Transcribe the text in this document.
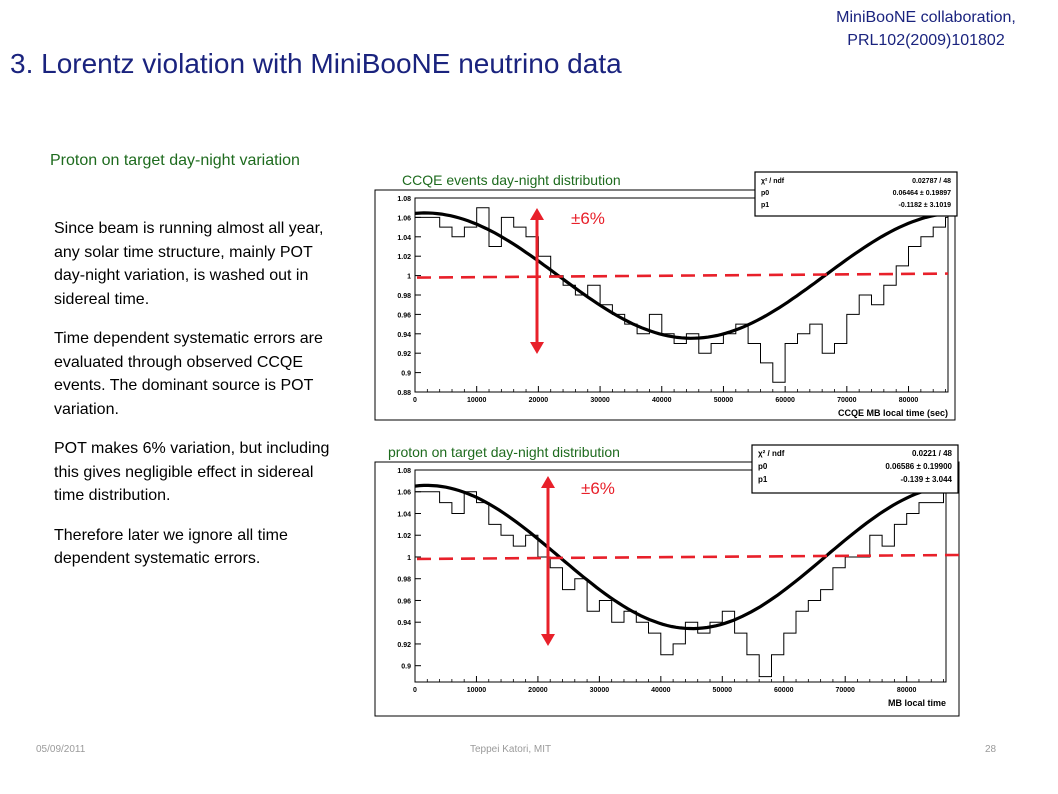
MiniBooNE collaboration,
PRL102(2009)101802
3. Lorentz violation with MiniBooNE neutrino data
Proton on target day-night variation

Since beam is running almost all year, any solar time structure, mainly POT day-night variation, is washed out in sidereal time.

Time dependent systematic errors are evaluated through observed CCQE events. The dominant source is POT variation.

POT makes 6% variation, but including this gives negligible effect in sidereal time distribution.

Therefore later we ignore all time dependent systematic errors.

CCQE events day-night distribution
0.88
0.9
0.92
0.94
0.96
0.98
1
1.02
1.04
1.06
1.08
0	10000	20000	30000	40000	50000	60000	70000	80000
CCQE MB local time (sec)
χ² / ndf	0.02787 / 48
p0	0.06464 ± 0.19897
p1	-0.1182 ± 3.1019
±6%
proton on target day-night distribution
0.9
0.92
0.94
0.96
0.98
1
1.02
1.04
1.06
1.08
0	10000	20000	30000	40000	50000	60000	70000	80000
MB local time
χ² / ndf	0.0221 / 48
p0	0.06586 ± 0.19900
p1	-0.139 ± 3.044
±6%
05/09/2011	Teppei Katori, MIT	28
